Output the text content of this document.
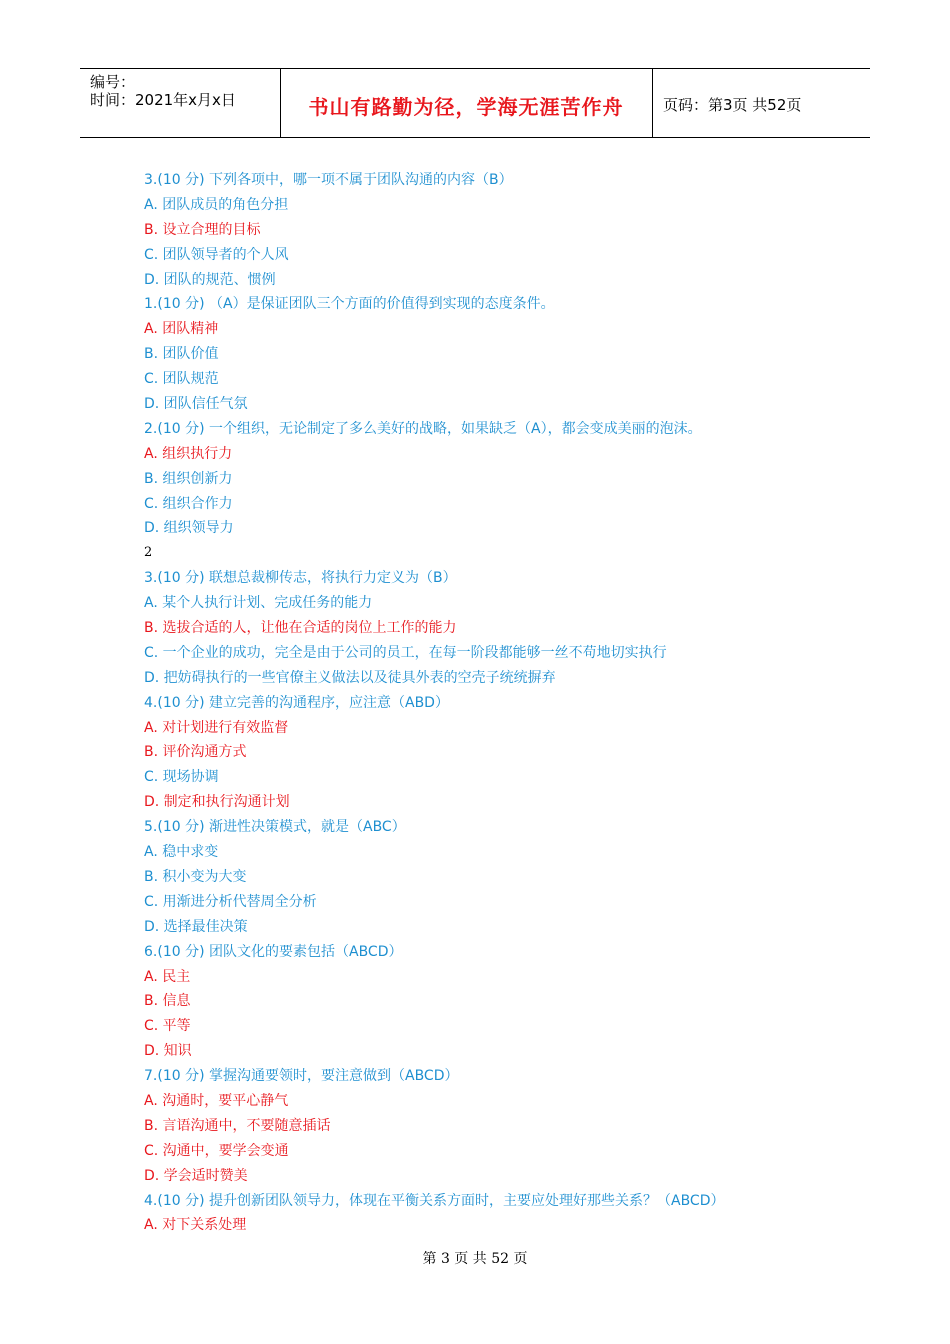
编号：
时间：2021年x月x日	书山有路勤为径，学海无涯苦作舟	页码：第3页 共52页
3.(10 分) 下列各项中，哪一项不属于团队沟通的内容（B）
A. 团队成员的角色分担
B. 设立合理的目标
C. 团队领导者的个人风
D. 团队的规范、惯例
1.(10 分) （A）是保证团队三个方面的价值得到实现的态度条件。
A. 团队精神
B. 团队价值
C. 团队规范
D. 团队信任气氛
2.(10 分) 一个组织，无论制定了多么美好的战略，如果缺乏（A），都会变成美丽的泡沫。
A. 组织执行力
B. 组织创新力
C. 组织合作力
D. 组织领导力
2
3.(10 分) 联想总裁柳传志，将执行力定义为（B）
A. 某个人执行计划、完成任务的能力
B. 选拔合适的人，让他在合适的岗位上工作的能力
C. 一个企业的成功，完全是由于公司的员工，在每一阶段都能够一丝不苟地切实执行
D. 把妨碍执行的一些官僚主义做法以及徒具外表的空壳子统统摒弃
4.(10 分) 建立完善的沟通程序，应注意（ABD）
A. 对计划进行有效监督
B. 评价沟通方式
C. 现场协调
D. 制定和执行沟通计划
5.(10 分) 渐进性决策模式，就是（ABC）
A. 稳中求变
B. 积小变为大变
C. 用渐进分析代替周全分析
D. 选择最佳决策
6.(10 分) 团队文化的要素包括（ABCD）
A. 民主
B. 信息
C. 平等
D. 知识
7.(10 分) 掌握沟通要领时，要注意做到（ABCD）
A. 沟通时，要平心静气
B. 言语沟通中，不要随意插话
C. 沟通中，要学会变通
D. 学会适时赞美
4.(10 分) 提升创新团队领导力，体现在平衡关系方面时，主要应处理好那些关系？（ABCD）
A. 对下关系处理
第 3 页 共 52 页
